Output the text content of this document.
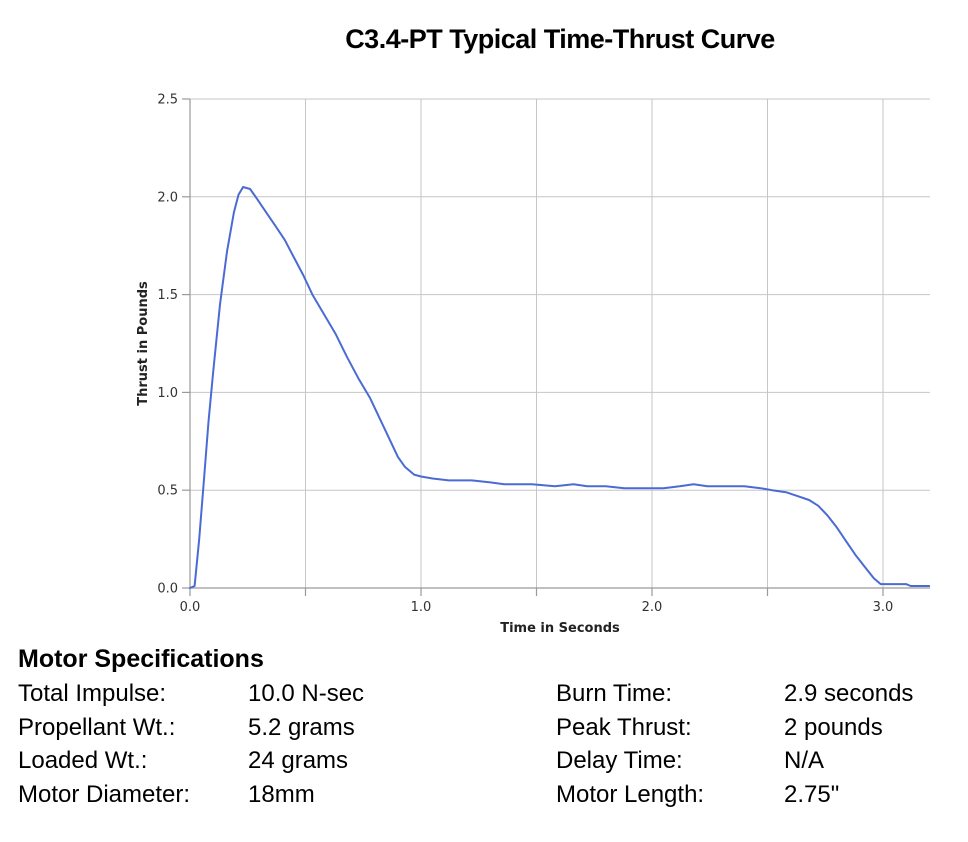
C3.4-PT Typical Time-Thrust Curve
0.0
0.5
1.0
1.5
2.0
2.5
0.0	1.0	2.0	3.0
Thrust in Pounds
Time in Seconds
Motor Specifications
Total Impulse:	10.0 N-sec	Burn Time:	2.9 seconds
Propellant Wt.:	5.2 grams	Peak Thrust:	2 pounds
Loaded Wt.:	24 grams	Delay Time:	N/A
Motor Diameter:	18mm	Motor Length:	2.75"
